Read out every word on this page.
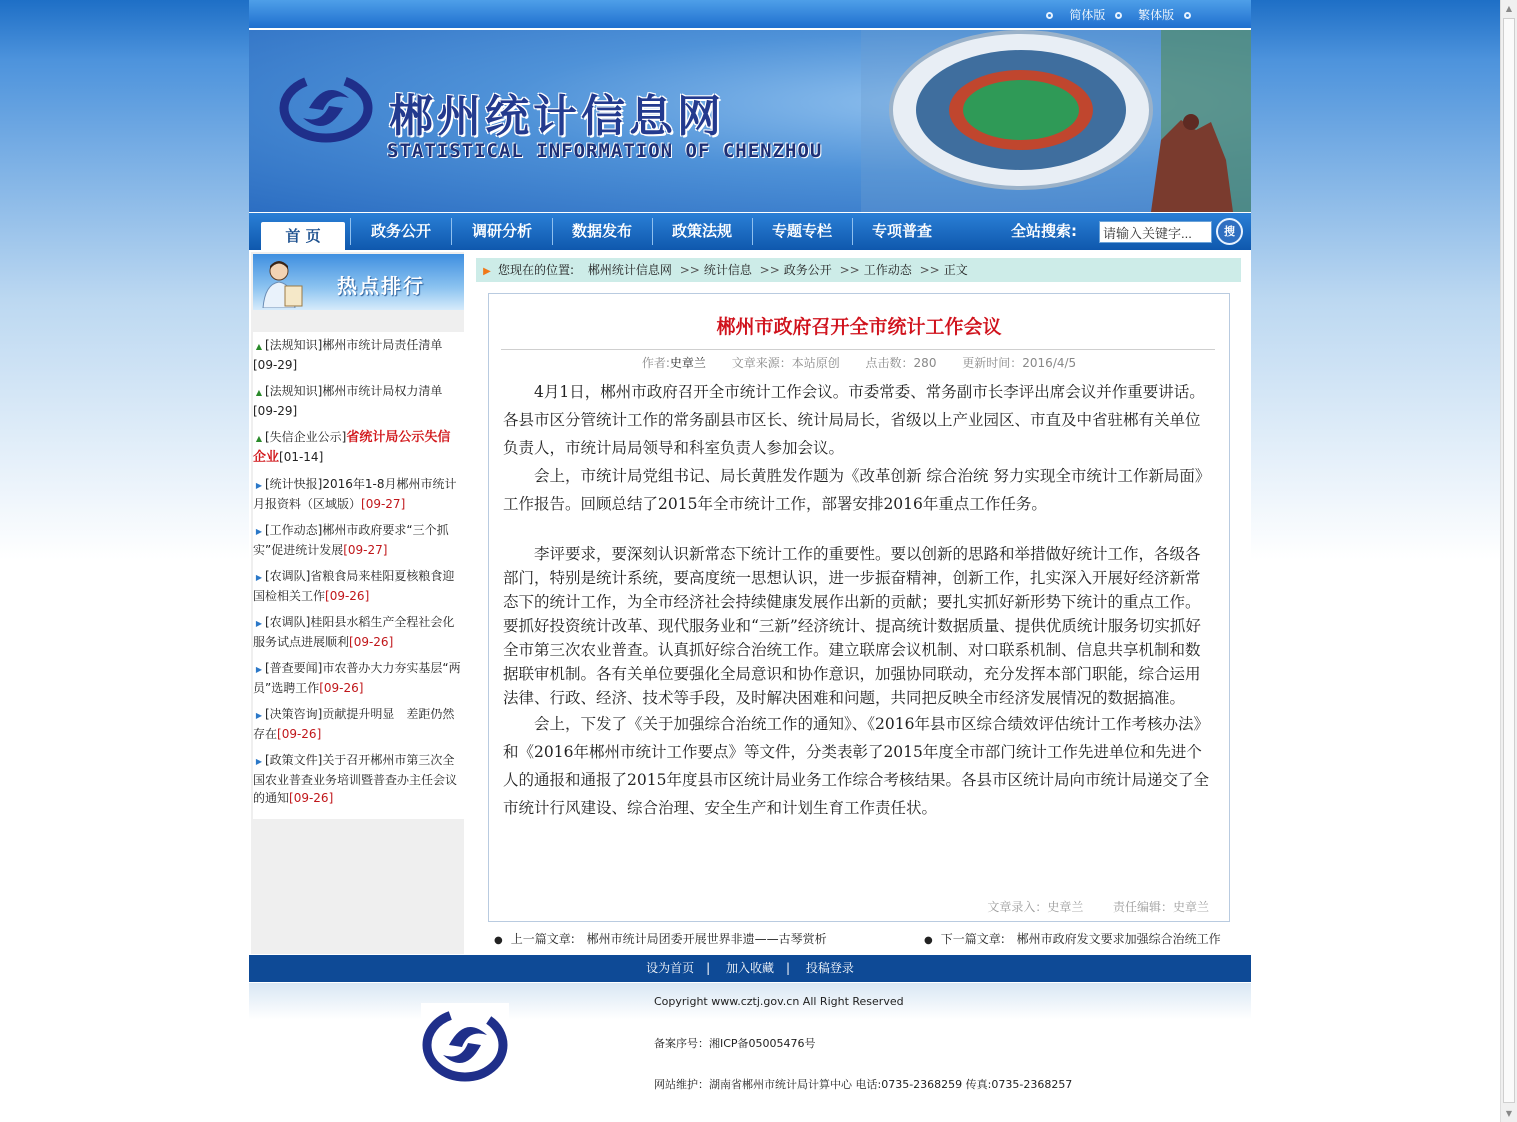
▲
▼
简体版	繁体版
郴州统计信息网
STATISTICAL INFORMATION OF CHENZHOU
首 页	政务公开	调研分析	数据发布	政策法规	专题专栏	专项普查	全站搜索:
请输入关键字...	搜
热点排行
▲ [法规知识]郴州市统计局责任清单[09-29]
▲ [法规知识]郴州市统计局权力清单[09-29]
▲ [失信企业公示]省统计局公示失信企业[01-14]
▶ [统计快报]2016年1-8月郴州市统计月报资料（区域版）[09-27]
▶ [工作动态]郴州市政府要求“三个抓实”促进统计发展[09-27]
▶ [农调队]省粮食局来桂阳夏核粮食迎国检相关工作[09-26]
▶ [农调队]桂阳县水稻生产全程社会化服务试点进展顺利[09-26]
▶ [普查要闻]市农普办大力夯实基层“两员”选聘工作[09-26]
▶ [决策咨询]贡献提升明显　差距仍然存在[09-26]
▶ [政策文件]关于召开郴州市第三次全国农业普查业务培训暨普查办主任会议的通知[09-26]
▶ 您现在的位置: 郴州统计信息网 >> 统计信息 >> 政务公开 >> 工作动态 >> 正文
郴州市政府召开全市统计工作会议
作者:史章兰 文章来源：本站原创 点击数：280 更新时间：2016/4/5

4月1日，郴州市政府召开全市统计工作会议。市委常委、常务副市长李评出席会议并作重要讲话。各县市区分管统计工作的常务副县市区长、统计局局长，省级以上产业园区、市直及中省驻郴有关单位负责人，市统计局局领导和科室负责人参加会议。

会上，市统计局党组书记、局长黄胜发作题为《改革创新 综合治统 努力实现全市统计工作新局面》工作报告。回顾总结了2015年全市统计工作，部署安排2016年重点工作任务。

李评要求，要深刻认识新常态下统计工作的重要性。要以创新的思路和举措做好统计工作，各级各部门，特别是统计系统，要高度统一思想认识，进一步振奋精神，创新工作，扎实深入开展好经济新常态下的统计工作，为全市经济社会持续健康发展作出新的贡献；要扎实抓好新形势下统计的重点工作。要抓好投资统计改革、现代服务业和“三新”经济统计、提高统计数据质量、提供优质统计服务切实抓好全市第三次农业普查。认真抓好综合治统工作。建立联席会议机制、对口联系机制、信息共享机制和数据联审机制。各有关单位要强化全局意识和协作意识，加强协同联动，充分发挥本部门职能，综合运用法律、行政、经济、技术等手段，及时解决困难和问题，共同把反映全市经济发展情况的数据搞准。

会上，下发了《关于加强综合治统工作的通知》、《2016年县市区综合绩效评估统计工作考核办法》和《2016年郴州市统计工作要点》等文件，分类表彰了2015年度全市部门统计工作先进单位和先进个人的通报和通报了2015年度县市区统计局业务工作综合考核结果。各县市区统计局向市统计局递交了全市统计行风建设、综合治理、安全生产和计划生育工作责任状。

文章录入：史章兰 责任编辑：史章兰
● 上一篇文章: 郴州市统计局团委开展世界非遗——古琴赏析	● 下一篇文章: 郴州市政府发文要求加强综合治统工作
设为首页 | 加入收藏 | 投稿登录
Copyright www.cztj.gov.cn All Right Reserved
备案序号：湘ICP备05005476号
网站维护：湖南省郴州市统计局计算中心 电话:0735-2368259 传真:0735-2368257
